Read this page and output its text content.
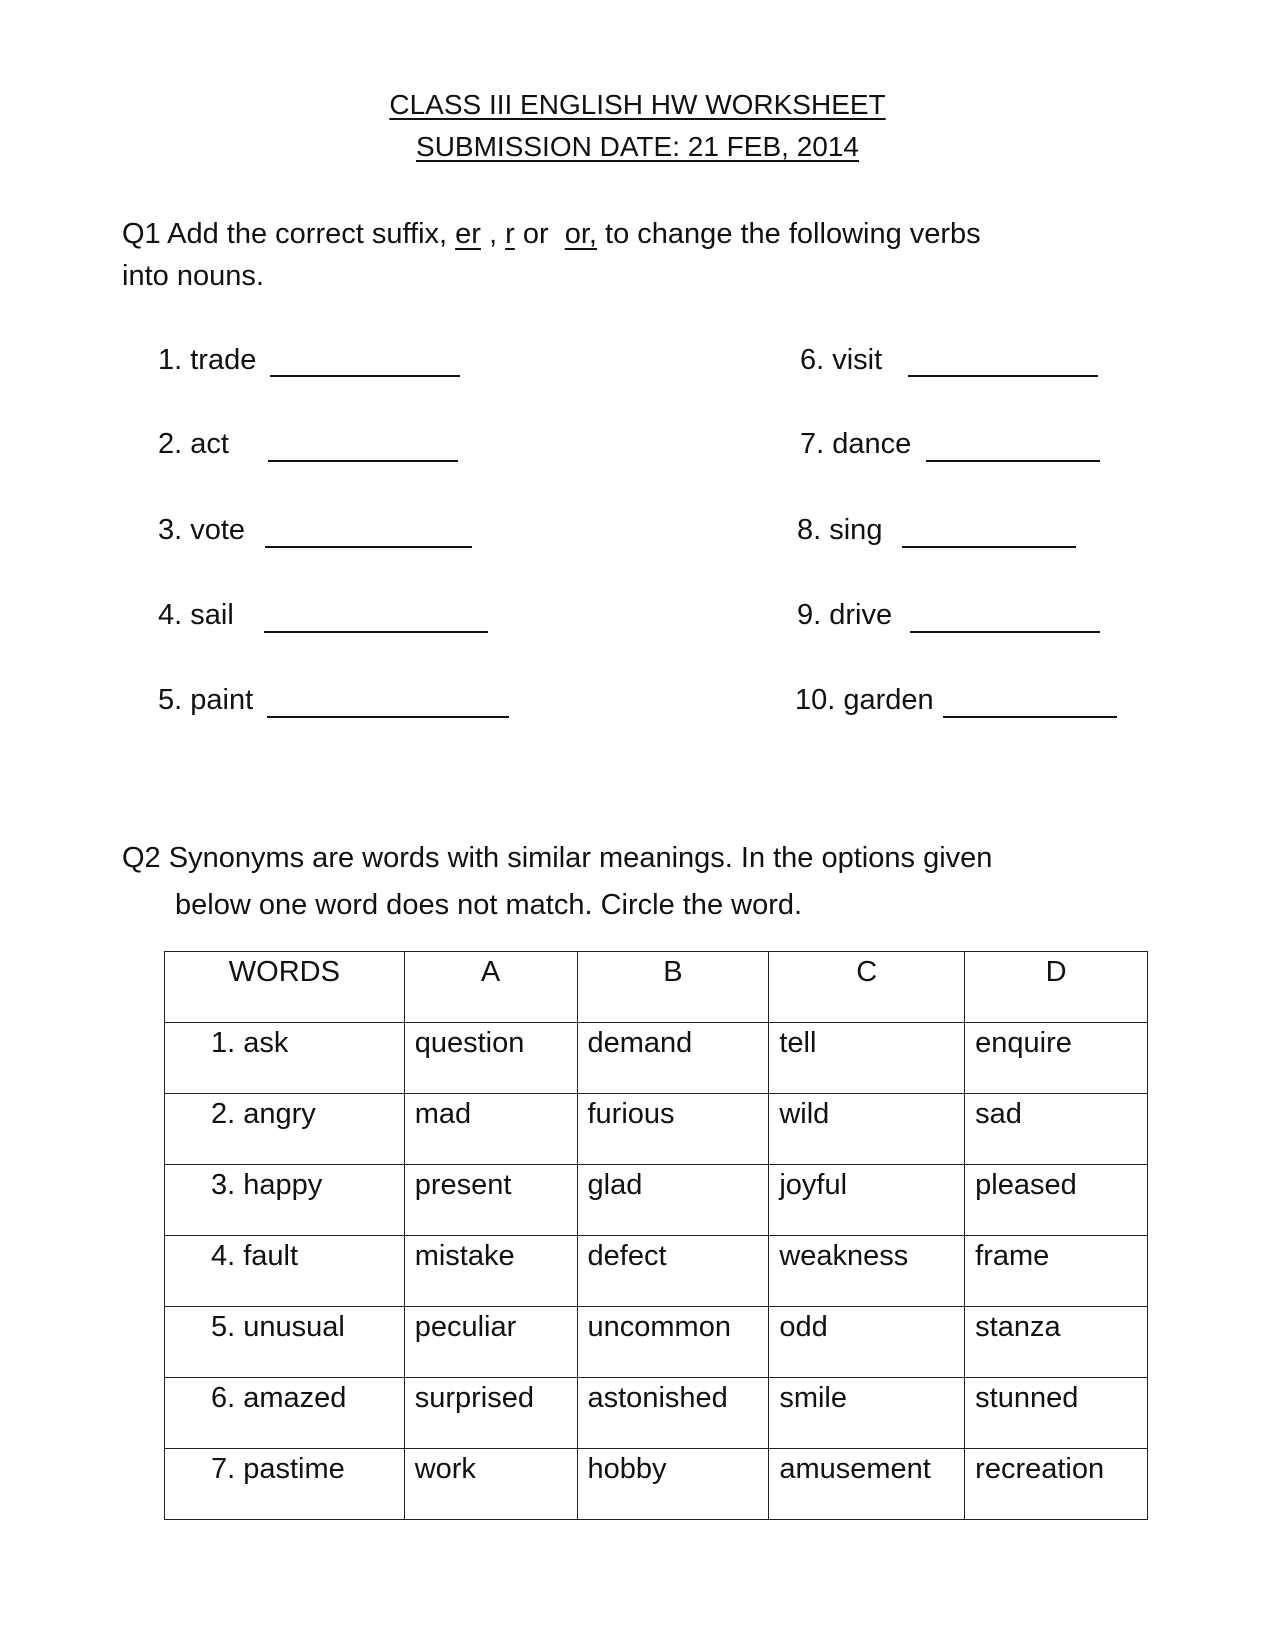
CLASS III ENGLISH HW WORKSHEET
SUBMISSION DATE: 21 FEB, 2014
Q1 Add the correct suffix, er , r or  or, to change the following verbs
into nouns.
1. trade
2. act
3. vote
4. sail
5. paint
6. visit
7. dance
8. sing
9. drive
10. garden
Q2 Synonyms are words with similar meanings. In the options given
below one word does not match. Circle the word.
WORDS	A	B	C	D
1. ask	question	demand	tell	enquire
2. angry	mad	furious	wild	sad
3. happy	present	glad	joyful	pleased
4. fault	mistake	defect	weakness	frame
5. unusual	peculiar	uncommon	odd	stanza
6. amazed	surprised	astonished	smile	stunned
7. pastime	work	hobby	amusement	recreation
